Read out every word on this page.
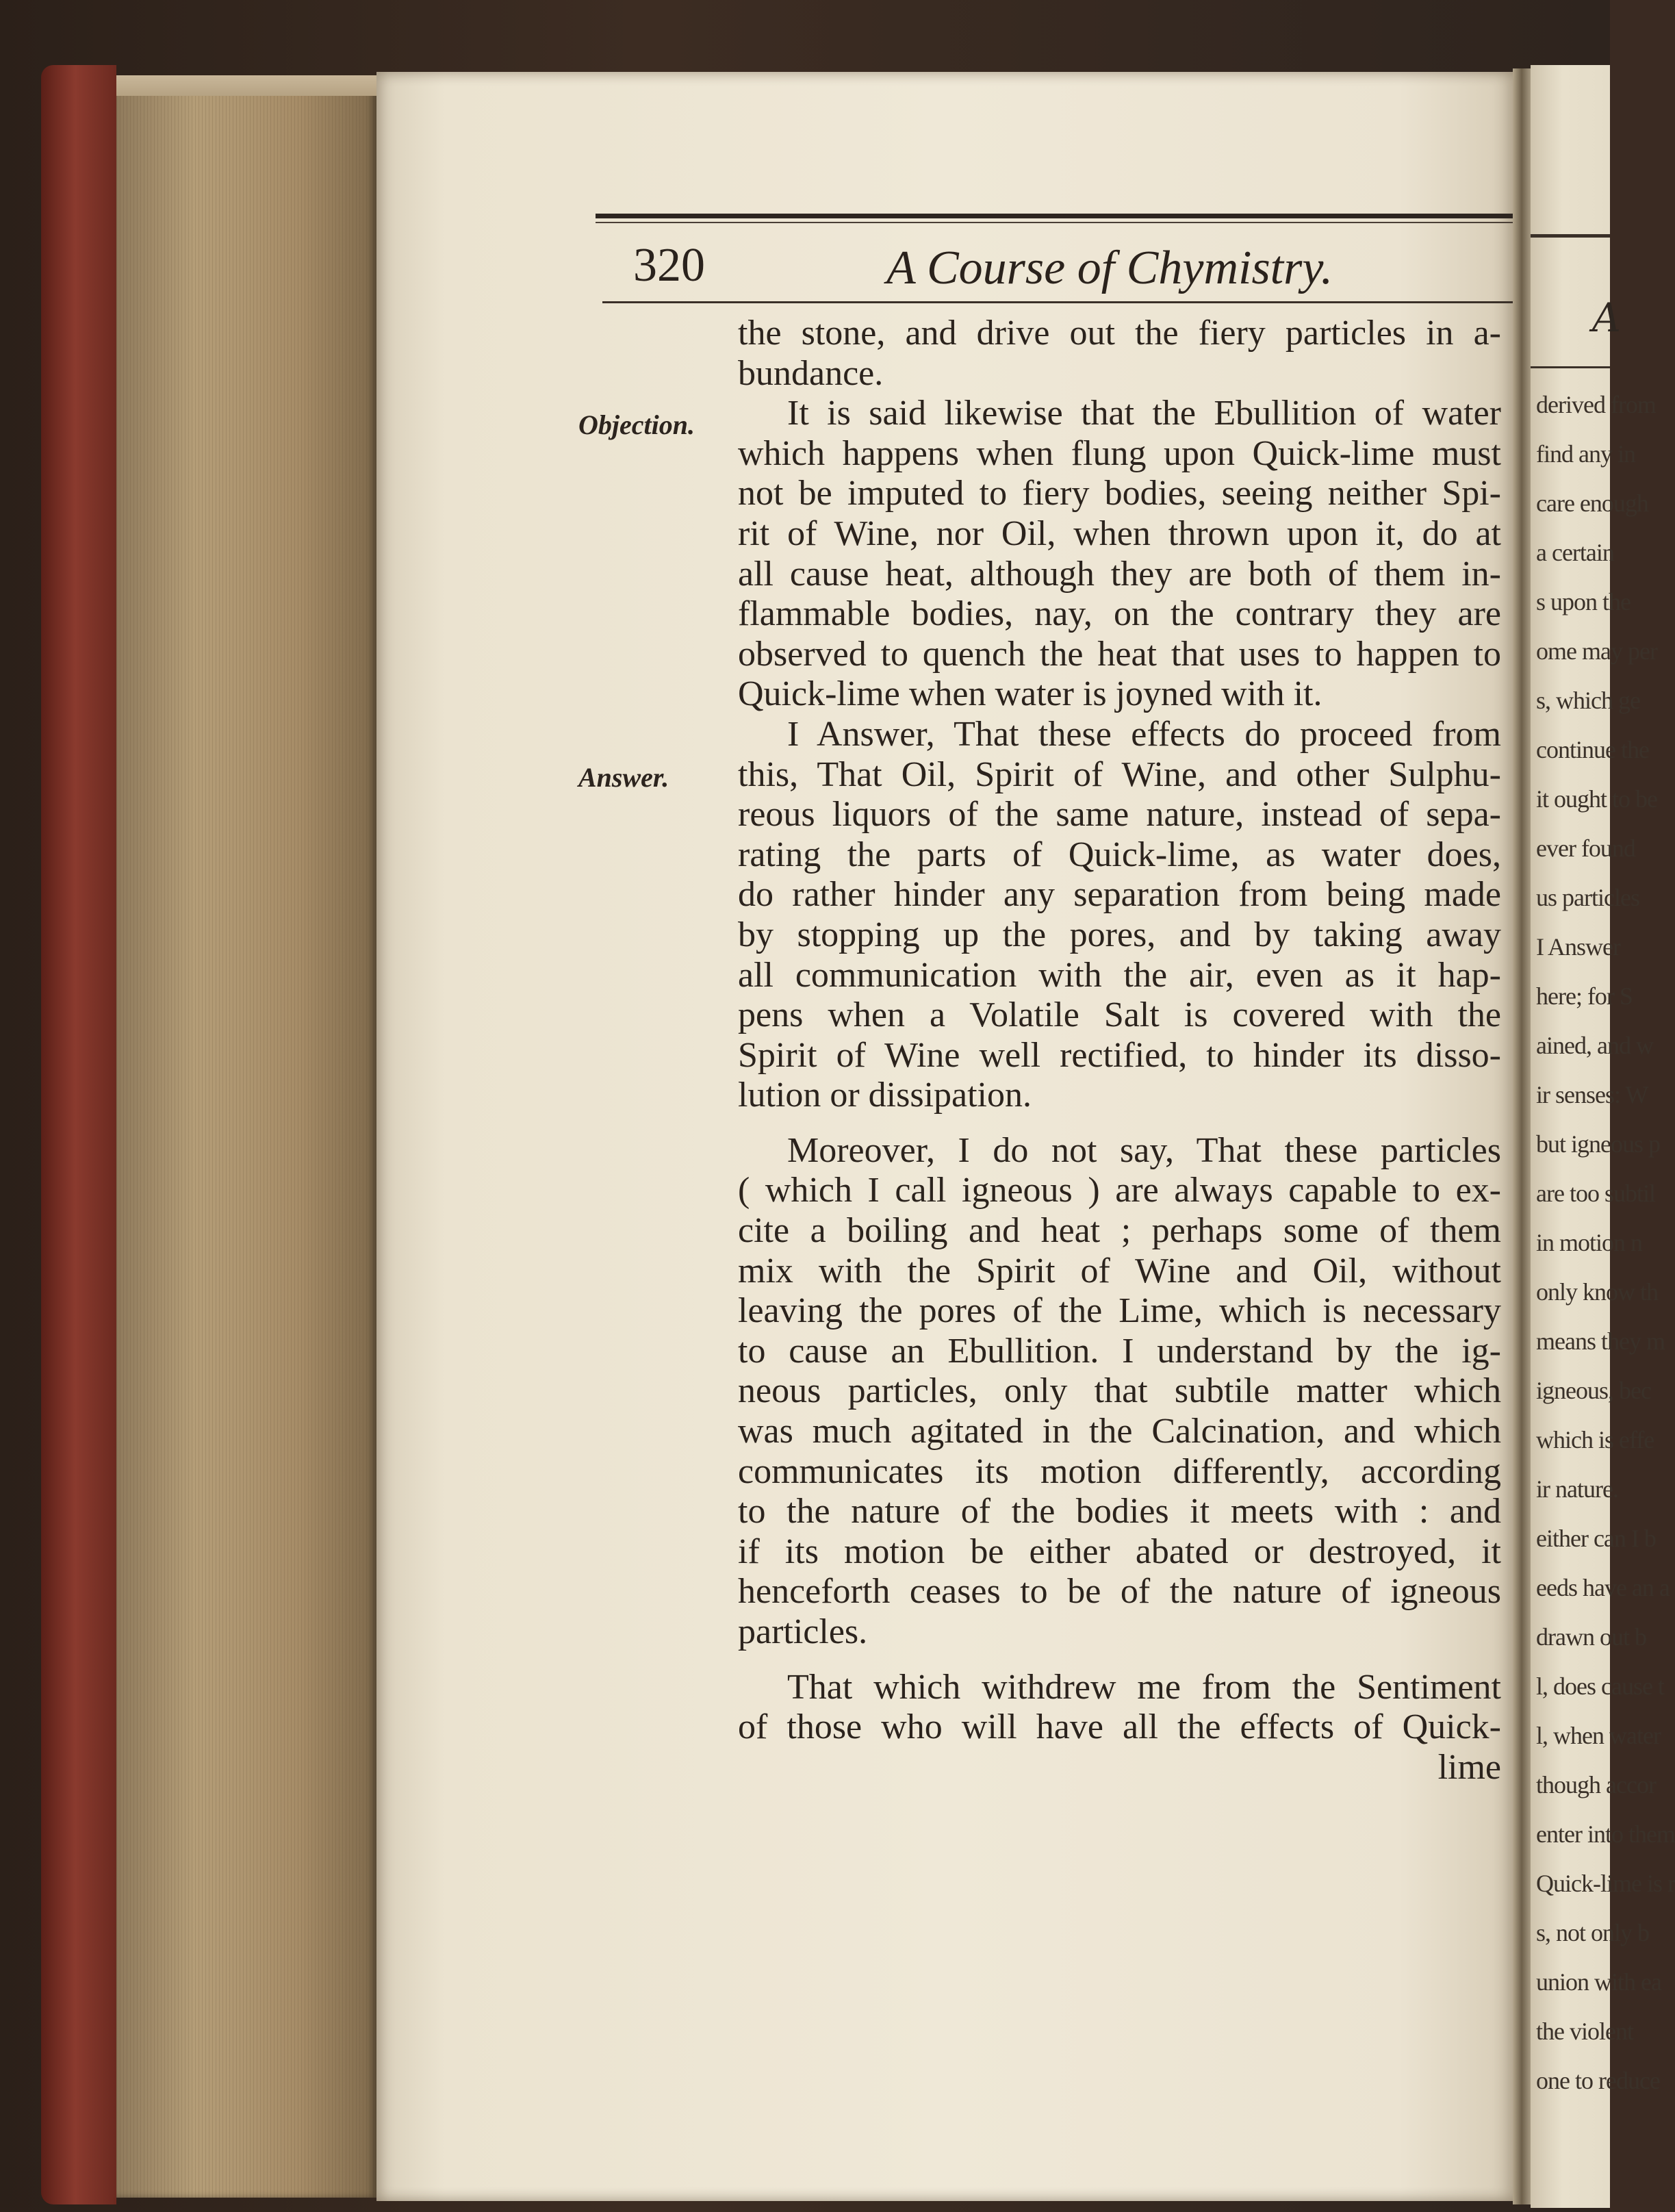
A
derived from
find any in
care enough
a certain
s upon the
ome may per
s, which ge
continue the
it ought to be
ever found
us particles
I Answer
here; for S
ained, and w
ir senses: W
but igneous p
are too subtil
in motion n
only know th
means they m
igneous, bec
which is effe
ir nature.
either can I b
eeds have an a
drawn out b
l, does cause t
l, when water
though accor
enter into them
Quick-lime is r
s, not only b
union with ea
the violent
one to reduce
320	A Course of Chymistry.
Objection.
Answer.
the stone, and drive out the fiery particles in a-
bundance.
It is said likewise that the Ebullition of water
which happens when flung upon Quick-lime must
not be imputed to fiery bodies, seeing neither Spi-
rit of Wine, nor Oil, when thrown upon it, do at
all cause heat, although they are both of them in-
flammable bodies, nay, on the contrary they are
observed to quench the heat that uses to happen to
Quick-lime when water is joyned with it.
I Answer, That these effects do proceed from
this, That Oil, Spirit of Wine, and other Sulphu-
reous liquors of the same nature, instead of sepa-
rating the parts of Quick-lime, as water does,
do rather hinder any separation from being made
by stopping up the pores, and by taking away
all communication with the air, even as it hap-
pens when a Volatile Salt is covered with the
Spirit of Wine well rectified, to hinder its disso-
lution or dissipation.
Moreover, I do not say, That these particles
( which I call igneous ) are always capable to ex-
cite a boiling and heat ; perhaps some of them
mix with the Spirit of Wine and Oil, without
leaving the pores of the Lime, which is necessary
to cause an Ebullition. I understand by the ig-
neous particles, only that subtile matter which
was much agitated in the Calcination, and which
communicates its motion differently, according
to the nature of the bodies it meets with : and
if its motion be either abated or destroyed, it
henceforth ceases to be of the nature of igneous
particles.
That which withdrew me from the Sentiment
of those who will have all the effects of Quick-
lime
